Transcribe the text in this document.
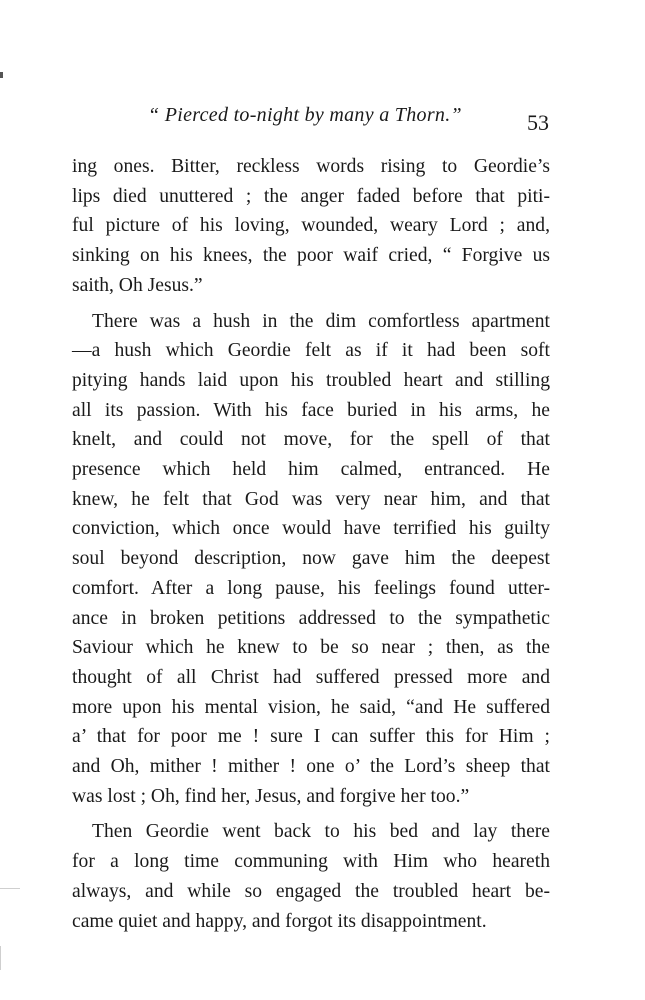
“ Pierced to-night by many a Thorn.”	53

ing ones. Bitter, reckless words rising to Geordie’s
lips died unuttered ; the anger faded before that piti-
ful picture of his loving, wounded, weary Lord ; and,
sinking on his knees, the poor waif cried, “ Forgive us
saith, Oh Jesus.”

There was a hush in the dim comfortless apartment
—a hush which Geordie felt as if it had been soft
pitying hands laid upon his troubled heart and stilling
all its passion. With his face buried in his arms, he
knelt, and could not move, for the spell of that
presence which held him calmed, entranced. He
knew, he felt that God was very near him, and that
conviction, which once would have terrified his guilty
soul beyond description, now gave him the deepest
comfort. After a long pause, his feelings found utter-
ance in broken petitions addressed to the sympathetic
Saviour which he knew to be so near ; then, as the
thought of all Christ had suffered pressed more and
more upon his mental vision, he said, “and He suffered
a’ that for poor me ! sure I can suffer this for Him ;
and Oh, mither ! mither ! one o’ the Lord’s sheep that
was lost ; Oh, find her, Jesus, and forgive her too.”

Then Geordie went back to his bed and lay there
for a long time communing with Him who heareth
always, and while so engaged the troubled heart be-
came quiet and happy, and forgot its disappointment.
